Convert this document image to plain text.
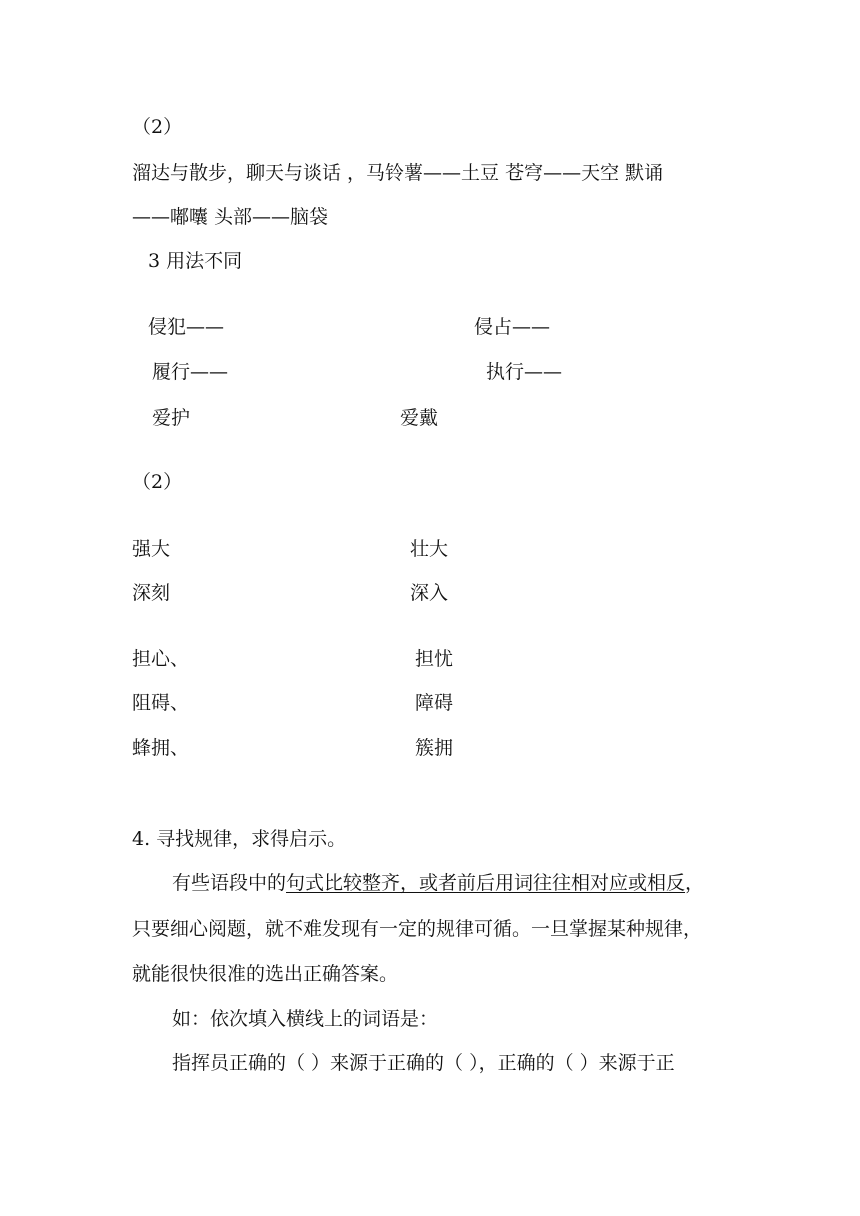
（2）
溜达与散步，聊天与谈话 ，马铃薯——土豆 苍穹——天空 默诵
——嘟囔 头部——脑袋
3 用法不同
侵犯——	侵占——
履行——	执行——
爱护	爱戴
（2）
强大	壮大
深刻	深入
担心、	担忧
阻碍、	障碍
蜂拥、	簇拥
4. 寻找规律，求得启示。
有些语段中的句式比较整齐，或者前后用词往往相对应或相反，
只要细心阅题，就不难发现有一定的规律可循。一旦掌握某种规律，
就能很快很准的选出正确答案。
如：依次填入横线上的词语是：
指挥员正确的（ ）来源于正确的（ ），正确的（ ）来源于正
